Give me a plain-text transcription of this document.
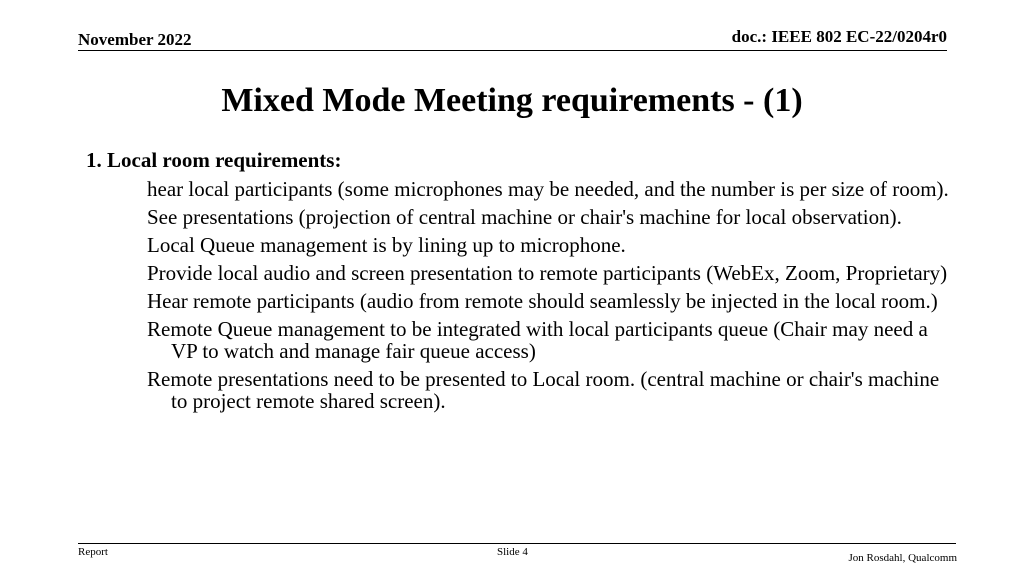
November 2022	doc.: IEEE 802 EC-22/0204r0
Mixed Mode Meeting requirements - (1)
1. Local room requirements:
hear local participants (some microphones may be needed, and the number is per size of room).
See presentations (projection of central machine or chair's machine for local observation).
Local Queue management is by lining up to microphone.
Provide local audio and screen presentation to remote participants (WebEx, Zoom, Proprietary)
Hear remote participants (audio from remote should seamlessly be injected in the local room.)
Remote Queue management to be integrated with local participants queue (Chair may need a VP to watch and manage fair queue access)
Remote presentations need to be presented to Local room. (central machine or chair's machine to project remote shared screen).
Report	Slide 4	Jon Rosdahl, Qualcomm
